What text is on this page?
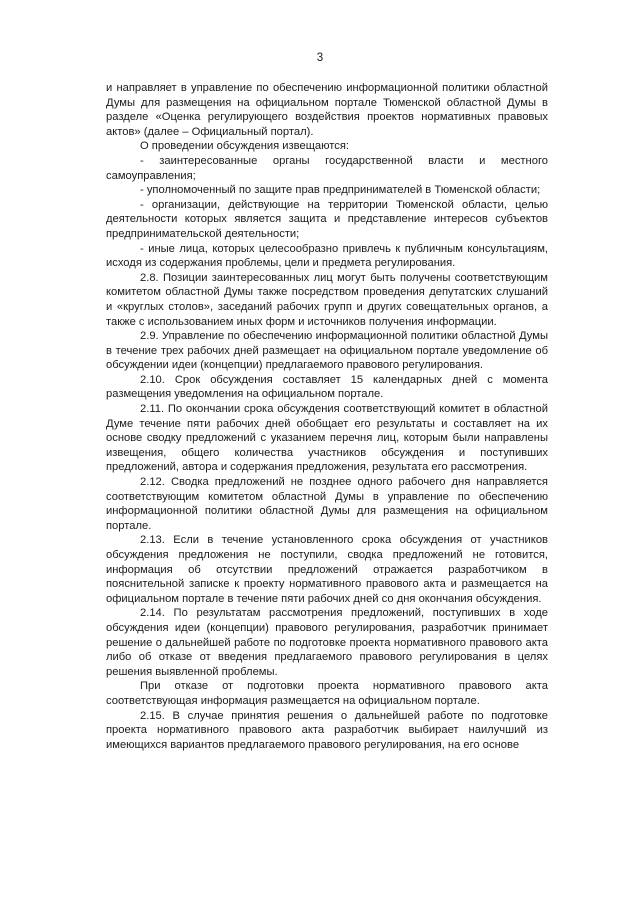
3

и направляет в управление по обеспечению информационной политики областной Думы для размещения на официальном портале Тюменской областной Думы в разделе «Оценка регулирующего воздействия проектов нормативных правовых актов» (далее – Официальный портал).

О проведении обсуждения извещаются:

- заинтересованные органы государственной власти и местного самоуправления;

- уполномоченный по защите прав предпринимателей в Тюменской области;

- организации, действующие на территории Тюменской области, целью деятельности которых является защита и представление интересов субъектов предпринимательской деятельности;

- иные лица, которых целесообразно привлечь к публичным консультациям, исходя из содержания проблемы, цели и предмета регулирования.

2.8. Позиции заинтересованных лиц могут быть получены соответствующим комитетом областной Думы также посредством проведения депутатских слушаний и «круглых столов», заседаний рабочих групп и других совещательных органов, а также с использованием иных форм и источников получения информации.

2.9. Управление по обеспечению информационной политики областной Думы в течение трех рабочих дней размещает на официальном портале уведомление об обсуждении идеи (концепции) предлагаемого правового регулирования.

2.10. Срок обсуждения составляет 15 календарных дней с момента размещения уведомления на официальном портале.

2.11. По окончании срока обсуждения соответствующий комитет в областной Думе течение пяти рабочих дней обобщает его результаты и составляет на их основе сводку предложений с указанием перечня лиц, которым были направлены извещения, общего количества участников обсуждения и поступивших предложений, автора и содержания предложения, результата его рассмотрения.

2.12. Сводка предложений не позднее одного рабочего дня направляется соответствующим комитетом областной Думы в управление по обеспечению информационной политики областной Думы для размещения на официальном портале.

2.13. Если в течение установленного срока обсуждения от участников обсуждения предложения не поступили, сводка предложений не готовится, информация об отсутствии предложений отражается разработчиком в пояснительной записке к проекту нормативного правового акта и размещается на официальном портале в течение пяти рабочих дней со дня окончания обсуждения.

2.14. По результатам рассмотрения предложений, поступивших в ходе обсуждения идеи (концепции) правового регулирования, разработчик принимает решение о дальнейшей работе по подготовке проекта нормативного правового акта либо об отказе от введения предлагаемого правового регулирования в целях решения выявленной проблемы.

При отказе от подготовки проекта нормативного правового акта соответствующая информация размещается на официальном портале.

2.15. В случае принятия решения о дальнейшей работе по подготовке проекта нормативного правового акта разработчик выбирает наилучший из имеющихся вариантов предлагаемого правового регулирования, на его основе
